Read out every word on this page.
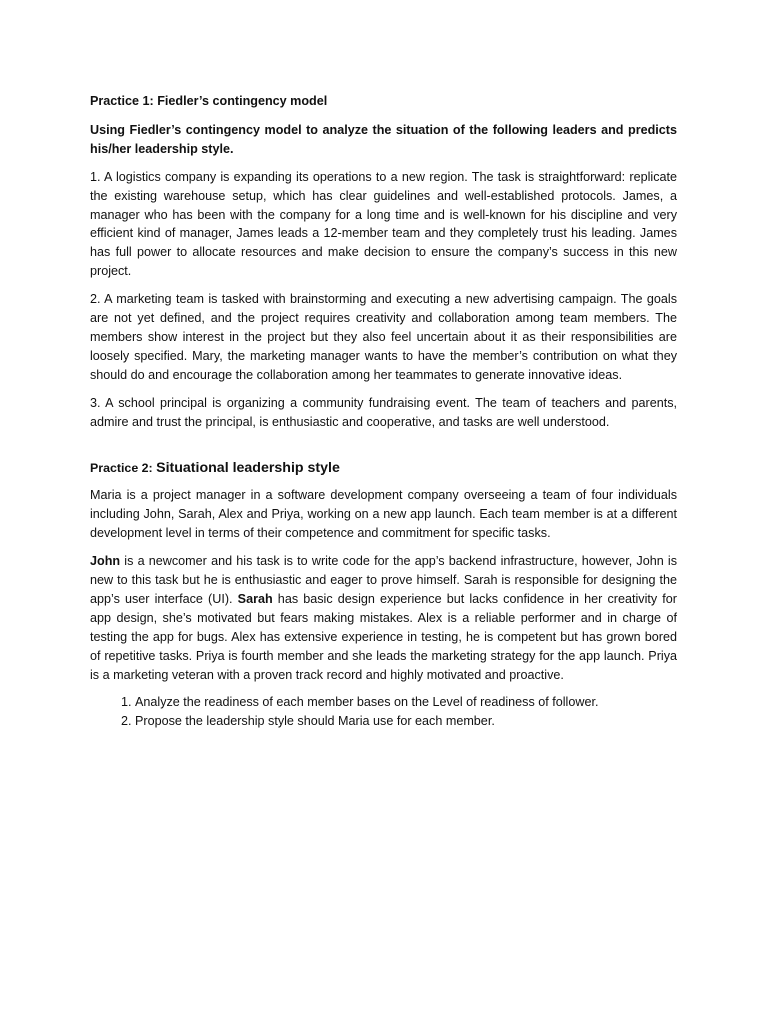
Practice 1: Fiedler’s contingency model
Using Fiedler’s contingency model to analyze the situation of the following leaders and predicts his/her leadership style.
1. A logistics company is expanding its operations to a new region. The task is straightforward: replicate the existing warehouse setup, which has clear guidelines and well-established protocols. James, a manager who has been with the company for a long time and is well-known for his discipline and very efficient kind of manager, James leads a 12-member team and they completely trust his leading. James has full power to allocate resources and make decision to ensure the company’s success in this new project.
2. A marketing team is tasked with brainstorming and executing a new advertising campaign. The goals are not yet defined, and the project requires creativity and collaboration among team members. The members show interest in the project but they also feel uncertain about it as their responsibilities are loosely specified. Mary, the marketing manager wants to have the member’s contribution on what they should do and encourage the collaboration among her teammates to generate innovative ideas.
3. A school principal is organizing a community fundraising event. The team of teachers and parents, admire and trust the principal, is enthusiastic and cooperative, and tasks are well understood.
Practice 2: Situational leadership style
Maria is a project manager in a software development company overseeing a team of four individuals including John, Sarah, Alex and Priya, working on a new app launch. Each team member is at a different development level in terms of their competence and commitment for specific tasks.
John is a newcomer and his task is to write code for the app’s backend infrastructure, however, John is new to this task but he is enthusiastic and eager to prove himself. Sarah is responsible for designing the app’s user interface (UI). Sarah has basic design experience but lacks confidence in her creativity for app design, she’s motivated but fears making mistakes. Alex is a reliable performer and in charge of testing the app for bugs. Alex has extensive experience in testing, he is competent but has grown bored of repetitive tasks. Priya is fourth member and she leads the marketing strategy for the app launch. Priya is a marketing veteran with a proven track record and highly motivated and proactive.
1. Analyze the readiness of each member bases on the Level of readiness of follower.
2. Propose the leadership style should Maria use for each member.
